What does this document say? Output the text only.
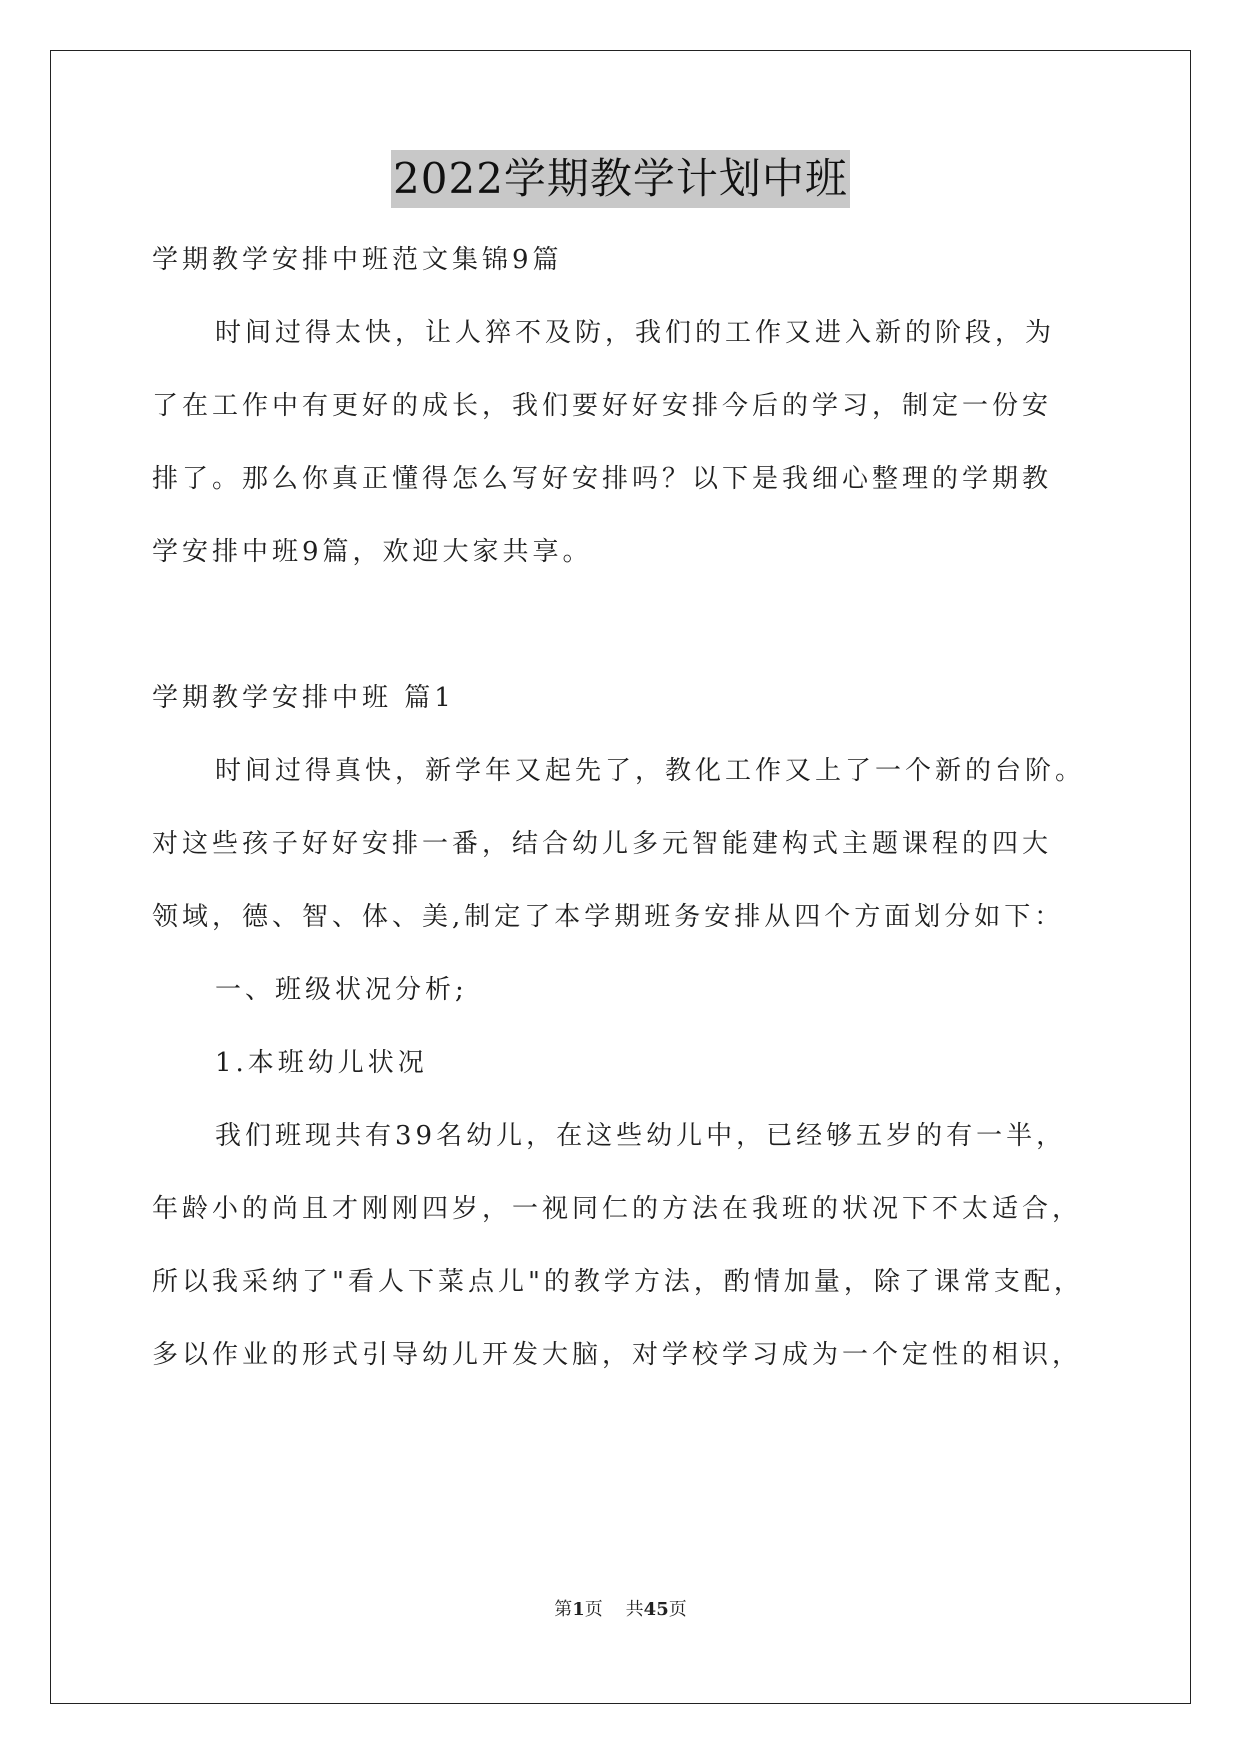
2022学期教学计划中班
学期教学安排中班范文集锦9篇
时间过得太快，让人猝不及防，我们的工作又进入新的阶段，为
了在工作中有更好的成长，我们要好好安排今后的学习，制定一份安
排了。那么你真正懂得怎么写好安排吗？以下是我细心整理的学期教
学安排中班9篇，欢迎大家共享。
学期教学安排中班 篇1
时间过得真快，新学年又起先了，教化工作又上了一个新的台阶。
对这些孩子好好安排一番，结合幼儿多元智能建构式主题课程的四大
领域，德、智、体、美,制定了本学期班务安排从四个方面划分如下：
一、班级状况分析;
1.本班幼儿状况
我们班现共有39名幼儿，在这些幼儿中，已经够五岁的有一半，
年龄小的尚且才刚刚四岁，一视同仁的方法在我班的状况下不太适合，
所以我采纳了"看人下菜点儿"的教学方法，酌情加量，除了课常支配，
多以作业的形式引导幼儿开发大脑，对学校学习成为一个定性的相识，
第1页 共45页
